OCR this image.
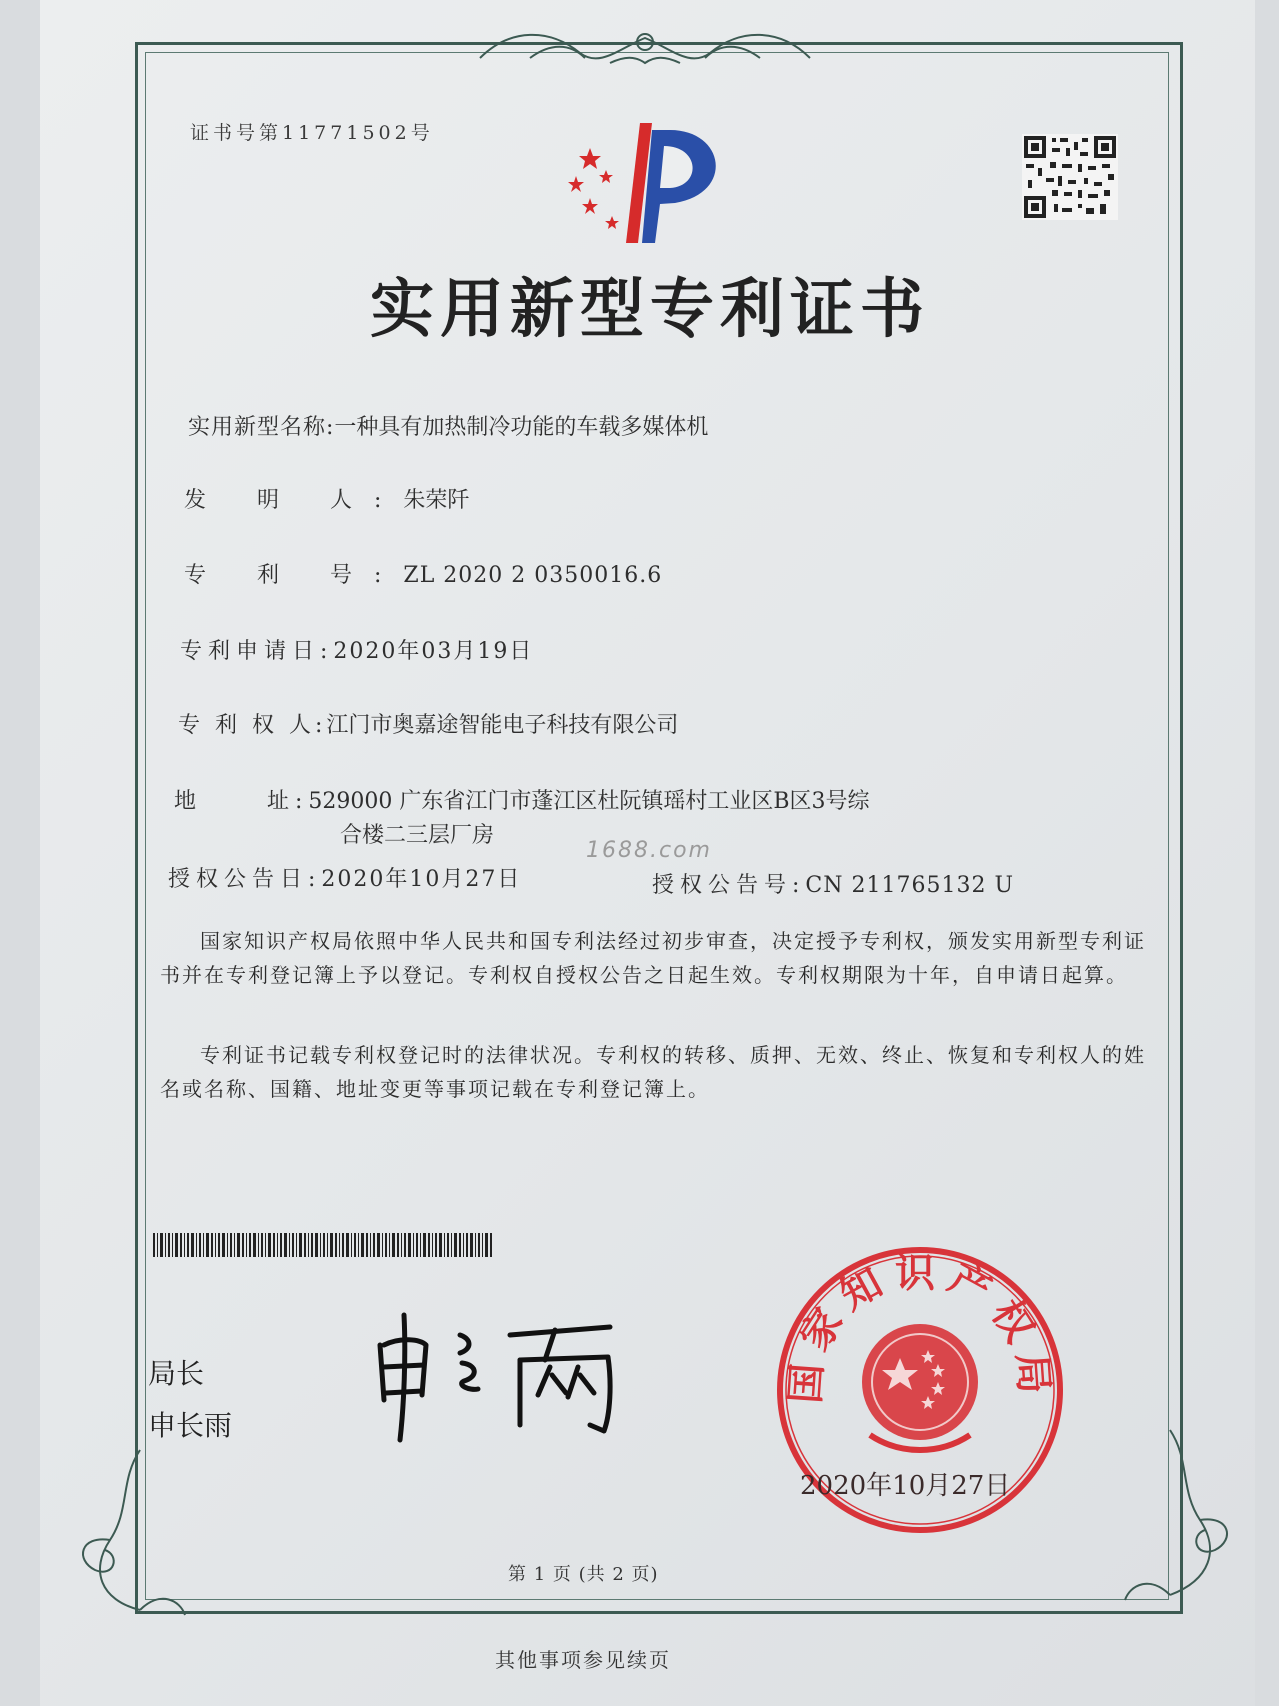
证书号第11771502号
实用新型专利证书
实用新型名称:一种具有加热制冷功能的车载多媒体机
发 明 人:朱荣阡
专 利 号:ZL 2020 2 0350016.6
专利申请日:2020年03月19日
专 利 权 人:江门市奥嘉途智能电子科技有限公司
地     址:529000 广东省江门市蓬江区杜阮镇瑶村工业区B区3号综
合楼二三层厂房
1688.com
授权公告日:2020年10月27日	授权公告号:CN 211765132 U
国家知识产权局依照中华人民共和国专利法经过初步审查，决定授予专利权，颁发实用新型专利证书并在专利登记簿上予以登记。专利权自授权公告之日起生效。专利权期限为十年，自申请日起算。
专利证书记载专利权登记时的法律状况。专利权的转移、质押、无效、终止、恢复和专利权人的姓名或名称、国籍、地址变更等事项记载在专利登记簿上。
局长
申长雨
国家知识产权局
2020年10月27日
第 1 页 (共 2 页)
其他事项参见续页
